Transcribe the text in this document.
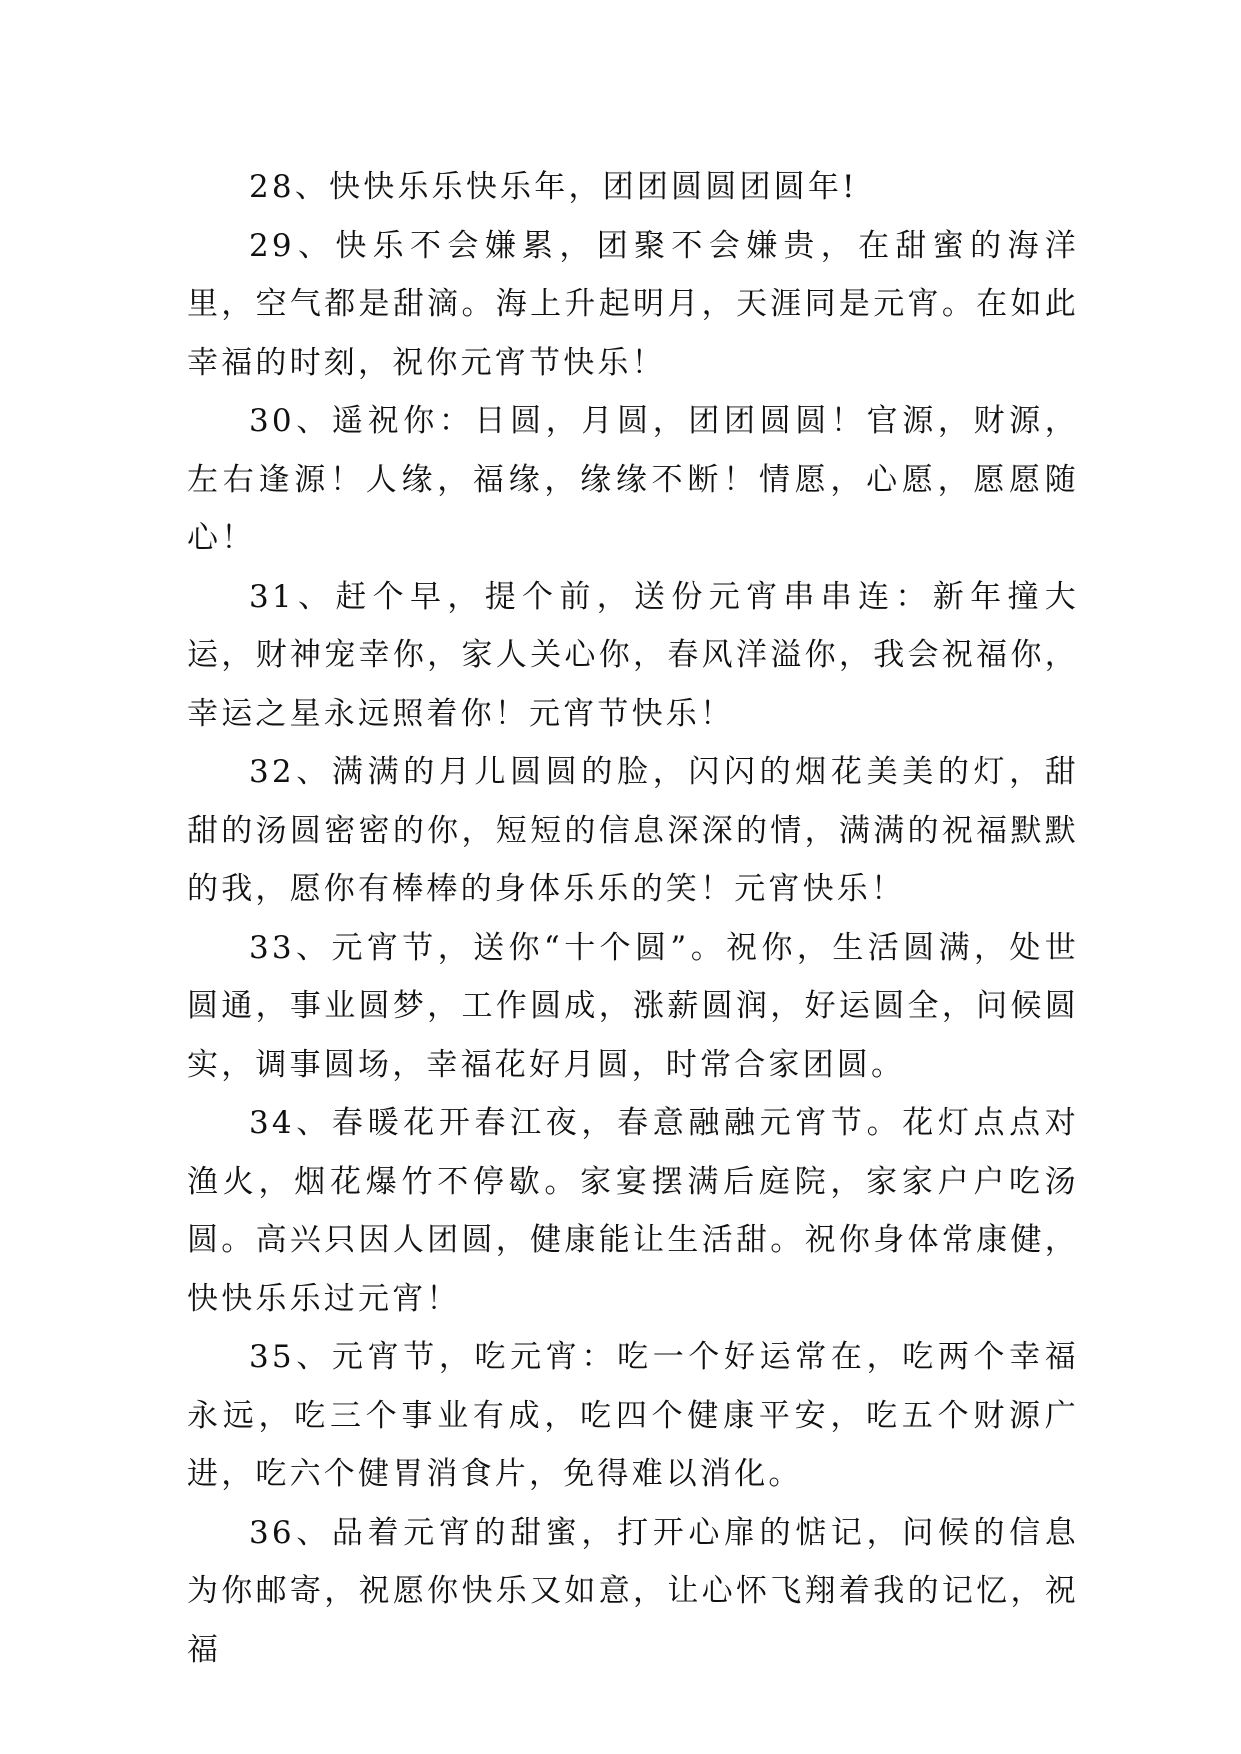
28、快快乐乐快乐年，团团圆圆团圆年!

29、快乐不会嫌累，团聚不会嫌贵，在甜蜜的海洋里，空气都是甜滴。海上升起明月，天涯同是元宵。在如此幸福的时刻，祝你元宵节快乐！

30、遥祝你：日圆，月圆，团团圆圆！官源，财源，左右逢源！人缘，福缘，缘缘不断！情愿，心愿，愿愿随心！

31、赶个早，提个前，送份元宵串串连：新年撞大运，财神宠幸你，家人关心你，春风洋溢你，我会祝福你，幸运之星永远照着你！元宵节快乐！

32、满满的月儿圆圆的脸，闪闪的烟花美美的灯，甜甜的汤圆密密的你，短短的信息深深的情，满满的祝福默默的我，愿你有棒棒的身体乐乐的笑！元宵快乐！

33、元宵节，送你“十个圆”。祝你，生活圆满，处世圆通，事业圆梦，工作圆成，涨薪圆润，好运圆全，问候圆实，调事圆场，幸福花好月圆，时常合家团圆。

34、春暖花开春江夜，春意融融元宵节。花灯点点对渔火，烟花爆竹不停歇。家宴摆满后庭院，家家户户吃汤圆。高兴只因人团圆，健康能让生活甜。祝你身体常康健，快快乐乐过元宵！

35、元宵节，吃元宵：吃一个好运常在，吃两个幸福永远，吃三个事业有成，吃四个健康平安，吃五个财源广进，吃六个健胃消食片，免得难以消化。

36、品着元宵的甜蜜，打开心扉的惦记，问候的信息为你邮寄，祝愿你快乐又如意，让心怀飞翔着我的记忆，祝福
